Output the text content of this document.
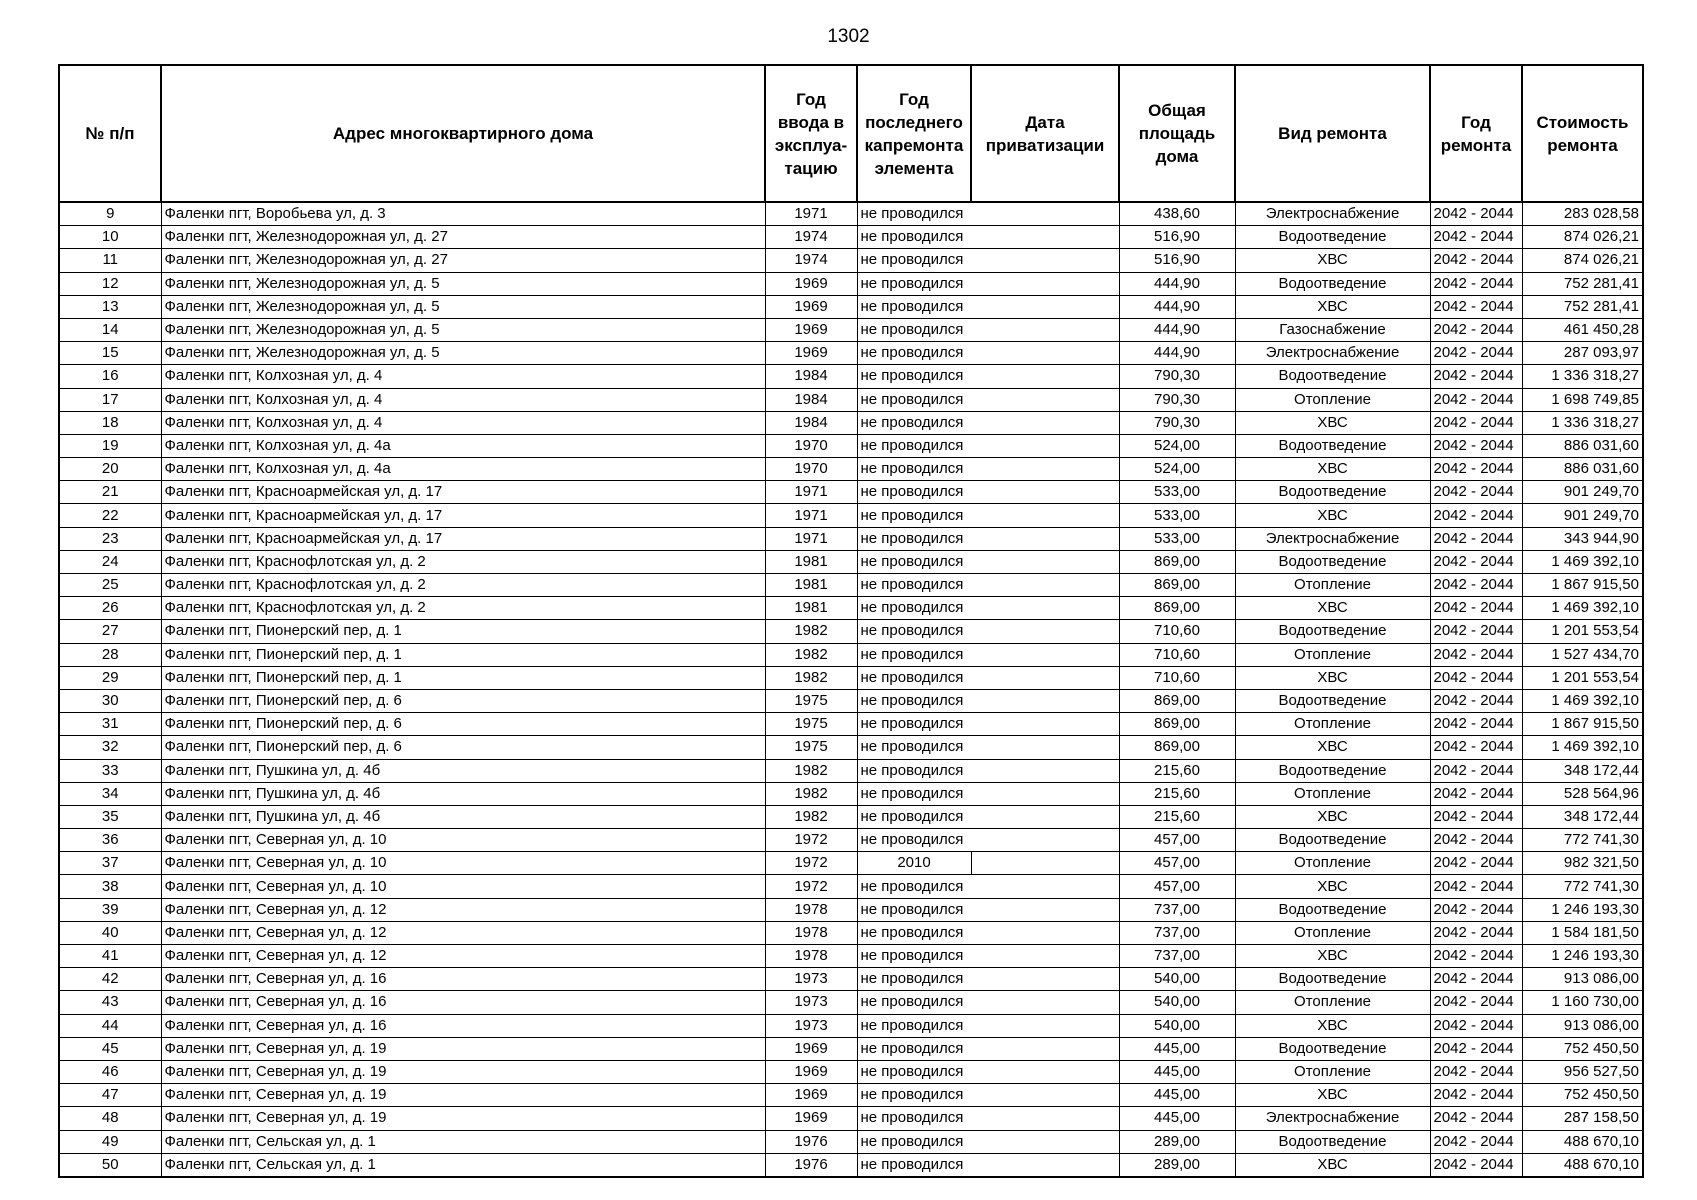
1302
№ п/п	Адрес многоквартирного дома	Год ввода в эксплуа-тацию	Год последнего капремонта элемента	Дата приватизации	Общая площадь дома	Вид ремонта	Год ремонта	Стоимость ремонта
9	Фаленки пгт, Воробьева ул, д. 3	1971	не проводился		438,60	Электроснабжение	2042 - 2044	283 028,58
10	Фаленки пгт, Железнодорожная ул, д. 27	1974	не проводился		516,90	Водоотведение	2042 - 2044	874 026,21
11	Фаленки пгт, Железнодорожная ул, д. 27	1974	не проводился		516,90	ХВС	2042 - 2044	874 026,21
12	Фаленки пгт, Железнодорожная ул, д. 5	1969	не проводился		444,90	Водоотведение	2042 - 2044	752 281,41
13	Фаленки пгт, Железнодорожная ул, д. 5	1969	не проводился		444,90	ХВС	2042 - 2044	752 281,41
14	Фаленки пгт, Железнодорожная ул, д. 5	1969	не проводился		444,90	Газоснабжение	2042 - 2044	461 450,28
15	Фаленки пгт, Железнодорожная ул, д. 5	1969	не проводился		444,90	Электроснабжение	2042 - 2044	287 093,97
16	Фаленки пгт, Колхозная ул, д. 4	1984	не проводился		790,30	Водоотведение	2042 - 2044	1 336 318,27
17	Фаленки пгт, Колхозная ул, д. 4	1984	не проводился		790,30	Отопление	2042 - 2044	1 698 749,85
18	Фаленки пгт, Колхозная ул, д. 4	1984	не проводился		790,30	ХВС	2042 - 2044	1 336 318,27
19	Фаленки пгт, Колхозная ул, д. 4а	1970	не проводился		524,00	Водоотведение	2042 - 2044	886 031,60
20	Фаленки пгт, Колхозная ул, д. 4а	1970	не проводился		524,00	ХВС	2042 - 2044	886 031,60
21	Фаленки пгт, Красноармейская ул, д. 17	1971	не проводился		533,00	Водоотведение	2042 - 2044	901 249,70
22	Фаленки пгт, Красноармейская ул, д. 17	1971	не проводился		533,00	ХВС	2042 - 2044	901 249,70
23	Фаленки пгт, Красноармейская ул, д. 17	1971	не проводился		533,00	Электроснабжение	2042 - 2044	343 944,90
24	Фаленки пгт, Краснофлотская ул, д. 2	1981	не проводился		869,00	Водоотведение	2042 - 2044	1 469 392,10
25	Фаленки пгт, Краснофлотская ул, д. 2	1981	не проводился		869,00	Отопление	2042 - 2044	1 867 915,50
26	Фаленки пгт, Краснофлотская ул, д. 2	1981	не проводился		869,00	ХВС	2042 - 2044	1 469 392,10
27	Фаленки пгт, Пионерский пер, д. 1	1982	не проводился		710,60	Водоотведение	2042 - 2044	1 201 553,54
28	Фаленки пгт, Пионерский пер, д. 1	1982	не проводился		710,60	Отопление	2042 - 2044	1 527 434,70
29	Фаленки пгт, Пионерский пер, д. 1	1982	не проводился		710,60	ХВС	2042 - 2044	1 201 553,54
30	Фаленки пгт, Пионерский пер, д. 6	1975	не проводился		869,00	Водоотведение	2042 - 2044	1 469 392,10
31	Фаленки пгт, Пионерский пер, д. 6	1975	не проводился		869,00	Отопление	2042 - 2044	1 867 915,50
32	Фаленки пгт, Пионерский пер, д. 6	1975	не проводился		869,00	ХВС	2042 - 2044	1 469 392,10
33	Фаленки пгт, Пушкина ул, д. 4б	1982	не проводился		215,60	Водоотведение	2042 - 2044	348 172,44
34	Фаленки пгт, Пушкина ул, д. 4б	1982	не проводился		215,60	Отопление	2042 - 2044	528 564,96
35	Фаленки пгт, Пушкина ул, д. 4б	1982	не проводился		215,60	ХВС	2042 - 2044	348 172,44
36	Фаленки пгт, Северная ул, д. 10	1972	не проводился		457,00	Водоотведение	2042 - 2044	772 741,30
37	Фаленки пгт, Северная ул, д. 10	1972	2010		457,00	Отопление	2042 - 2044	982 321,50
38	Фаленки пгт, Северная ул, д. 10	1972	не проводился		457,00	ХВС	2042 - 2044	772 741,30
39	Фаленки пгт, Северная ул, д. 12	1978	не проводился		737,00	Водоотведение	2042 - 2044	1 246 193,30
40	Фаленки пгт, Северная ул, д. 12	1978	не проводился		737,00	Отопление	2042 - 2044	1 584 181,50
41	Фаленки пгт, Северная ул, д. 12	1978	не проводился		737,00	ХВС	2042 - 2044	1 246 193,30
42	Фаленки пгт, Северная ул, д. 16	1973	не проводился		540,00	Водоотведение	2042 - 2044	913 086,00
43	Фаленки пгт, Северная ул, д. 16	1973	не проводился		540,00	Отопление	2042 - 2044	1 160 730,00
44	Фаленки пгт, Северная ул, д. 16	1973	не проводился		540,00	ХВС	2042 - 2044	913 086,00
45	Фаленки пгт, Северная ул, д. 19	1969	не проводился		445,00	Водоотведение	2042 - 2044	752 450,50
46	Фаленки пгт, Северная ул, д. 19	1969	не проводился		445,00	Отопление	2042 - 2044	956 527,50
47	Фаленки пгт, Северная ул, д. 19	1969	не проводился		445,00	ХВС	2042 - 2044	752 450,50
48	Фаленки пгт, Северная ул, д. 19	1969	не проводился		445,00	Электроснабжение	2042 - 2044	287 158,50
49	Фаленки пгт, Сельская ул, д. 1	1976	не проводился		289,00	Водоотведение	2042 - 2044	488 670,10
50	Фаленки пгт, Сельская ул, д. 1	1976	не проводился		289,00	ХВС	2042 - 2044	488 670,10
